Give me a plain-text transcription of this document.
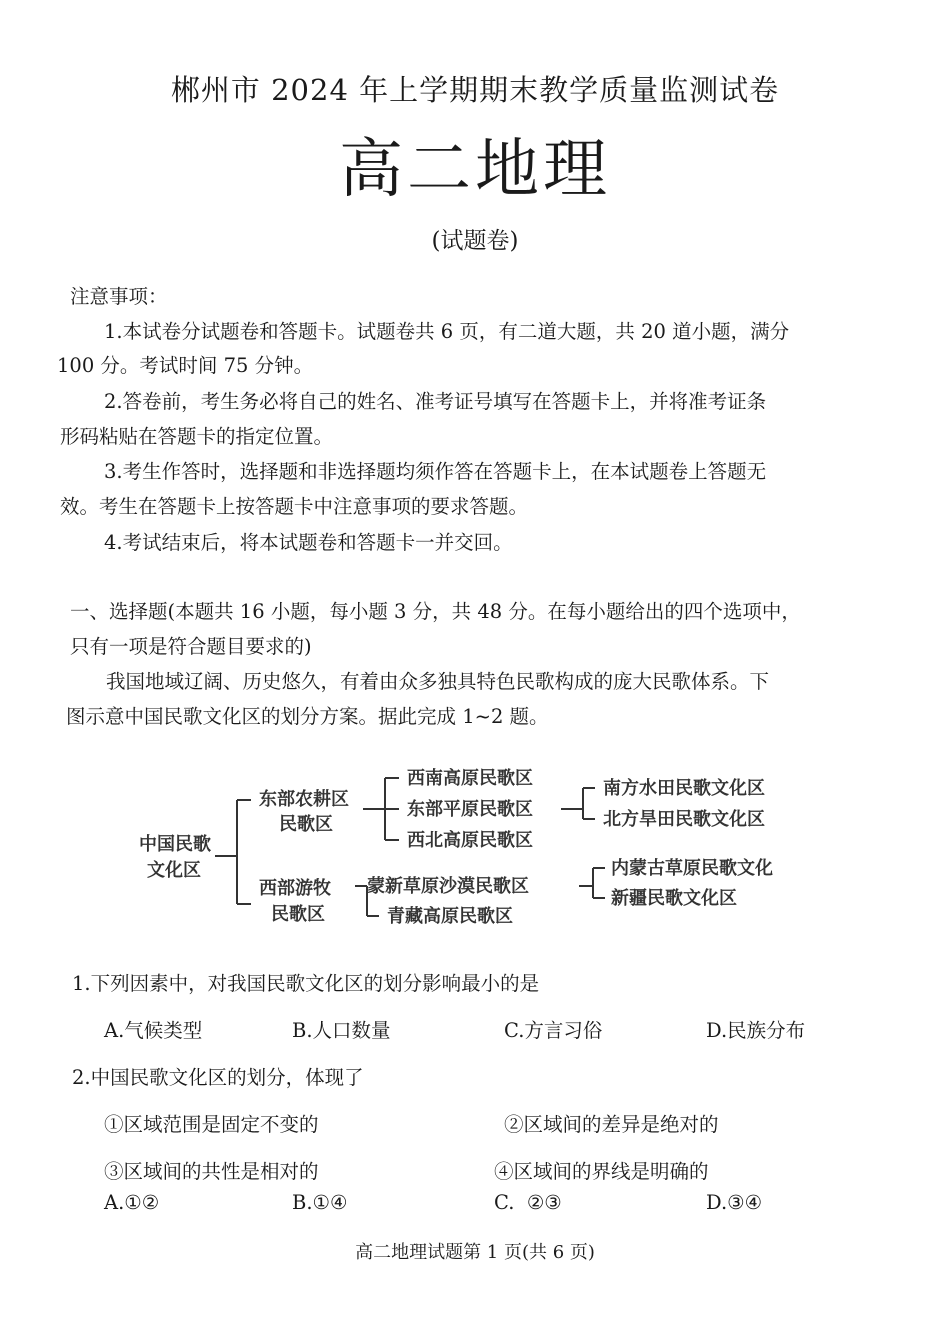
郴州市 2024 年上学期期末教学质量监测试卷
高二地理
(试题卷)
注意事项：
1.本试卷分试题卷和答题卡。试题卷共 6 页，有二道大题，共 20 道小题，满分
100 分。考试时间 75 分钟。
2.答卷前，考生务必将自己的姓名、准考证号填写在答题卡上，并将准考证条
形码粘贴在答题卡的指定位置。
3.考生作答时，选择题和非选择题均须作答在答题卡上，在本试题卷上答题无
效。考生在答题卡上按答题卡中注意事项的要求答题。
4.考试结束后，将本试题卷和答题卡一并交回。
一、选择题(本题共 16 小题，每小题 3 分，共 48 分。在每小题给出的四个选项中，
只有一项是符合题目要求的)
我国地域辽阔、历史悠久，有着由众多独具特色民歌构成的庞大民歌体系。下
图示意中国民歌文化区的划分方案。据此完成 1~2 题。
中国民歌
文化区
东部农耕区
民歌区
西部游牧
民歌区
西南高原民歌区
东部平原民歌区
西北高原民歌区
南方水田民歌文化区
北方旱田民歌文化区
蒙新草原沙漠民歌区
青藏高原民歌区
内蒙古草原民歌文化
新疆民歌文化区
1.下列因素中，对我国民歌文化区的划分影响最小的是
A.气候类型	B.人口数量	C.方言习俗	D.民族分布
2.中国民歌文化区的划分，体现了
①区域范围是固定不变的	②区域间的差异是绝对的
③区域间的共性是相对的	④区域间的界线是明确的
A.①②	B.①④	C.  ②③	D.③④
高二地理试题第 1 页(共 6 页)
